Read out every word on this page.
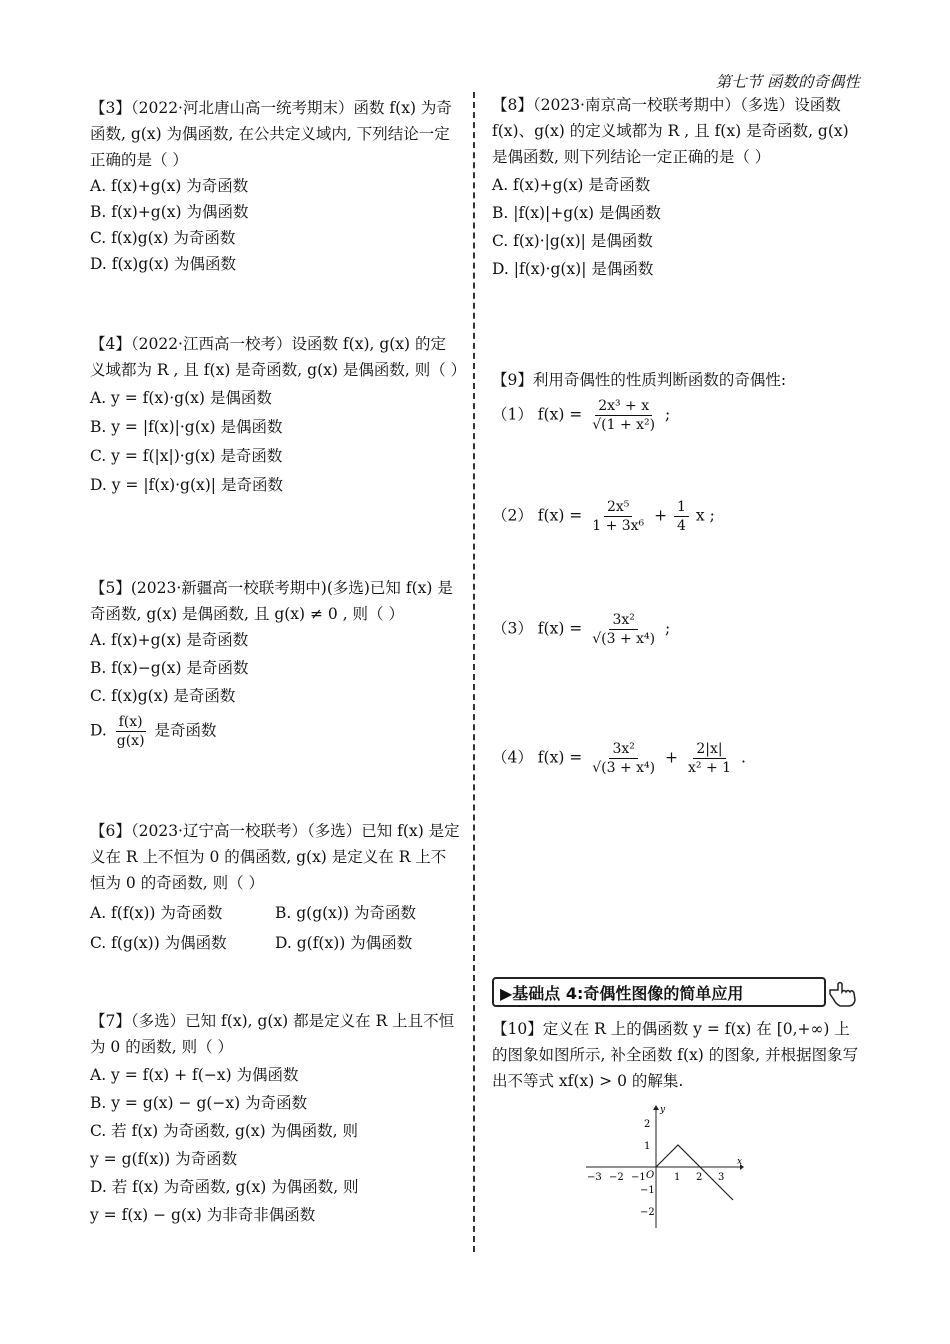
第七节 函数的奇偶性

【3】（2022·河北唐山高一统考期末）函数 f(x) 为奇函数, g(x) 为偶函数, 在公共定义域内, 下列结论一定正确的是（ ）

A. f(x)+g(x) 为奇函数

B. f(x)+g(x) 为偶函数

C. f(x)g(x) 为奇函数

D. f(x)g(x) 为偶函数

【4】（2022·江西高一校考）设函数 f(x), g(x) 的定义域都为 R , 且 f(x) 是奇函数, g(x) 是偶函数, 则（ ）

A. y = f(x)·g(x) 是偶函数

B. y = |f(x)|·g(x) 是偶函数

C. y = f(|x|)·g(x) 是奇函数

D. y = |f(x)·g(x)| 是奇函数

【5】(2023·新疆高一校联考期中)(多选)已知 f(x) 是奇函数, g(x) 是偶函数, 且 g(x) ≠ 0 , 则（ ）

A. f(x)+g(x) 是奇函数

B. f(x)−g(x) 是奇函数

C. f(x)g(x) 是奇函数

D. $\frac{f(x)}{g(x)}$ 是奇函数

【6】（2023·辽宁高一校联考）（多选）已知 f(x) 是定义在 R 上不恒为 0 的偶函数, g(x) 是定义在 R 上不恒为 0 的奇函数, 则（ ）

A. f(f(x)) 为奇函数	B. g(g(x)) 为奇函数
C. f(g(x)) 为偶函数	D. g(f(x)) 为偶函数

【7】（多选）已知 f(x), g(x) 都是定义在 R 上且不恒为 0 的函数, 则（ ）

A. y = f(x) + f(−x) 为偶函数

B. y = g(x) − g(−x) 为奇函数

C. 若 f(x) 为奇函数, g(x) 为偶函数, 则

y = g(f(x)) 为奇函数

D. 若 f(x) 为奇函数, g(x) 为偶函数, 则

y = f(x) − g(x) 为非奇非偶函数

【8】（2023·南京高一校联考期中）（多选）设函数 f(x)、g(x) 的定义域都为 R , 且 f(x) 是奇函数, g(x) 是偶函数, 则下列结论一定正确的是（ ）

A. f(x)+g(x) 是奇函数

B. |f(x)|+g(x) 是偶函数

C. f(x)·|g(x)| 是偶函数

D. |f(x)·g(x)| 是偶函数

【9】利用奇偶性的性质判断函数的奇偶性:

（1） $f(x) = \frac{\text{2x³ + x}}{\text{√(1 + x²)}}$ ;

（2） $f(x) = \frac{\text{2x⁵}}{\text{1 + 3x⁶}} + \frac{1}{4}$ x ;

（3） $f(x) = \frac{\text{3x²}}{\text{√(3 + x⁴)}}$ ;

（4） $f(x) = \frac{\text{3x²}}{\text{√(3 + x⁴)}} + \frac{2|x|}{\text{x² + 1}}$ .

▶基础点 4:奇偶性图像的简单应用

【10】定义在 R 上的偶函数 y = f(x) 在 [0,+∞) 上的图象如图所示, 补全函数 f(x) 的图象, 并根据图象写出不等式 xf(x) > 0 的解集.

x
y
−3 −2 −1 O 1 2 3
2
1
−1
−2
